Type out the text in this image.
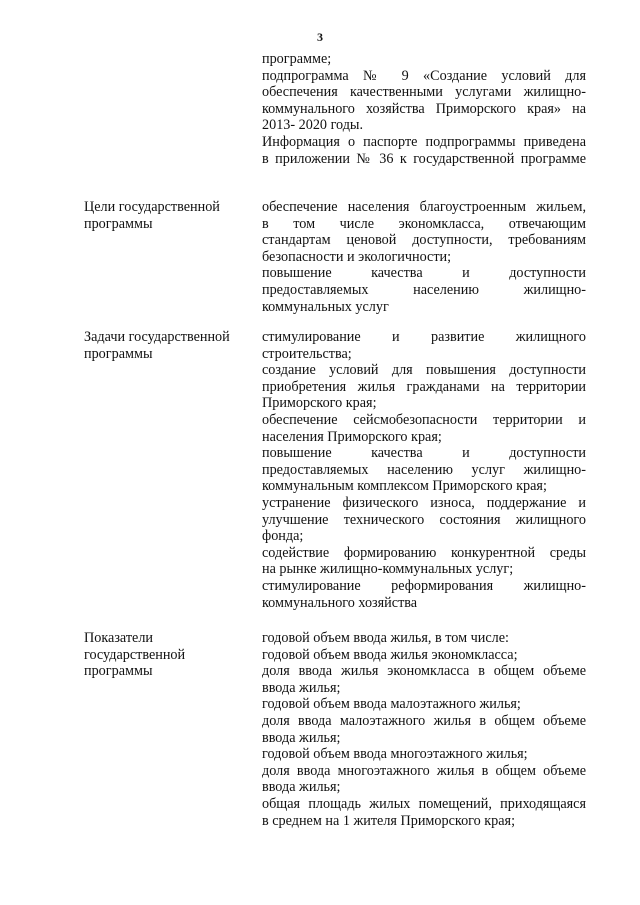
3
программе;
подпрограмма № 9 «Создание условий для
обеспечения качественными услугами жилищно-
коммунального хозяйства Приморского края» на
2013- 2020 годы.
Информация о паспорте подпрограммы приведена
в приложении № 36 к государственной программе
Цели государственной
программы
обеспечение населения благоустроенным жильем,
в том числе экономкласса, отвечающим
стандартам ценовой доступности, требованиям
безопасности и экологичности;
повышение качества и доступности
предоставляемых населению жилищно-
коммунальных услуг
Задачи государственной
программы
стимулирование и развитие жилищного
строительства;
создание условий для повышения доступности
приобретения жилья гражданами на территории
Приморского края;
обеспечение сейсмобезопасности территории и
населения Приморского края;
повышение качества и доступности
предоставляемых населению услуг жилищно-
коммунальным комплексом Приморского края;
устранение физического износа, поддержание и
улучшение технического состояния жилищного
фонда;
содействие формированию конкурентной среды
на рынке жилищно-коммунальных услуг;
стимулирование реформирования жилищно-
коммунального хозяйства
Показатели
государственной
программы
годовой объем ввода жилья, в том числе:
годовой объем ввода жилья экономкласса;
доля ввода жилья экономкласса в общем объеме
ввода жилья;
годовой объем ввода малоэтажного жилья;
доля ввода малоэтажного жилья в общем объеме
ввода жилья;
годовой объем ввода многоэтажного жилья;
доля ввода многоэтажного жилья в общем объеме
ввода жилья;
общая площадь жилых помещений, приходящаяся
в среднем на 1 жителя Приморского края;
